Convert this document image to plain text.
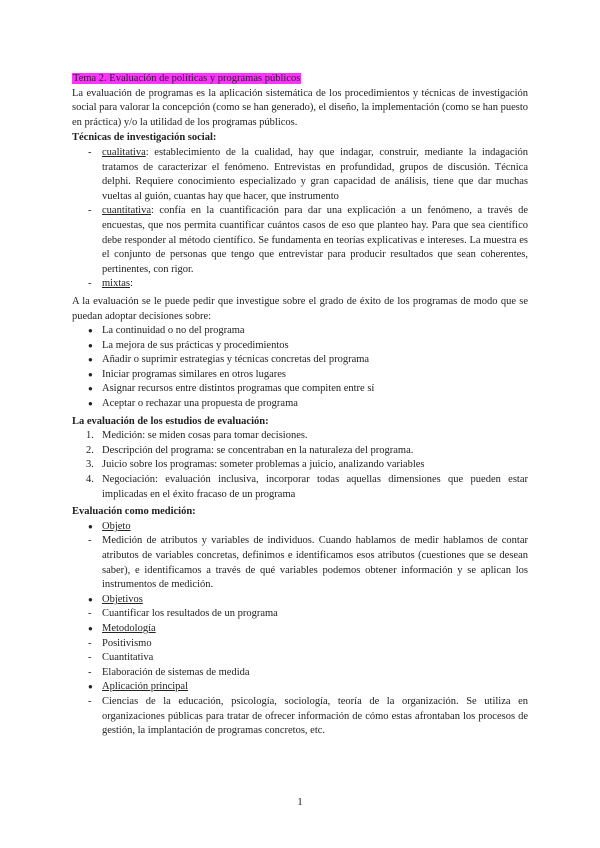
Tema 2. Evaluación de políticas y programas públicos

La evaluación de programas es la aplicación sistemática de los procedimientos y técnicas de investigación social para valorar la concepción (como se han generado), el diseño, la implementación (como se han puesto en práctica) y/o la utilidad de los programas públicos.

Técnicas de investigación social:

- cualitativa: establecimiento de la cualidad, hay que indagar, construir, mediante la indagación tratamos de caracterizar el fenómeno. Entrevistas en profundidad, grupos de discusión. Técnica delphi. Requiere conocimiento especializado y gran capacidad de análisis, tiene que dar muchas vueltas al guión, cuantas hay que hacer, que instrumento
- cuantitativa: confía en la cuantificación para dar una explicación a un fenómeno, a través de encuestas, que nos permita cuantificar cuántos casos de eso que planteo hay. Para que sea científico debe responder al método científico. Se fundamenta en teorías explicativas e intereses. La muestra es el conjunto de personas que tengo que entrevistar para producir resultados que sean coherentes, pertinentes, con rigor.
- mixtas:

A la evaluación se le puede pedir que investigue sobre el grado de éxito de los programas de modo que se puedan adoptar decisiones sobre:

● La continuidad o no del programa
● La mejora de sus prácticas y procedimientos
● Añadir o suprimir estrategias y técnicas concretas del programa
● Iniciar programas similares en otros lugares
● Asignar recursos entre distintos programas que compiten entre sí
● Aceptar o rechazar una propuesta de programa

La evaluación de los estudios de evaluación:

1. Medición: se miden cosas para tomar decisiones.
2. Descripción del programa: se concentraban en la naturaleza del programa.
3. Juicio sobre los programas: someter problemas a juicio, analizando variables
4. Negociación: evaluación inclusiva, incorporar todas aquellas dimensiones que pueden estar implicadas en el éxito fracaso de un programa

Evaluación como medición:

● Objeto
- Medición de atributos y variables de individuos. Cuando hablamos de medir hablamos de contar atributos de variables concretas, definimos e identificamos esos atributos (cuestiones que se desean saber), e identificamos a través de qué variables podemos obtener información y se aplican los instrumentos de medición.
● Objetivos
- Cuantificar los resultados de un programa
● Metodología
- Positivismo
- Cuantitativa
- Elaboración de sistemas de medida
● Aplicación principal
- Ciencias de la educación, psicología, sociología, teoría de la organización. Se utiliza en organizaciones públicas para tratar de ofrecer información de cómo estas afrontaban los procesos de gestión, la implantación de programas concretos, etc.
1
